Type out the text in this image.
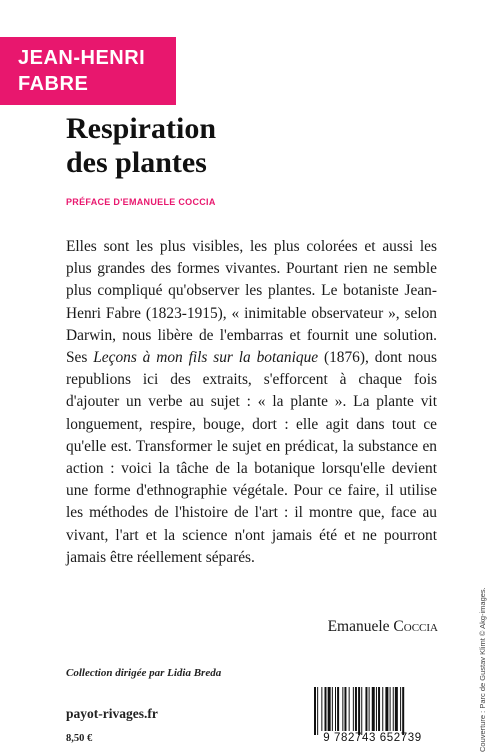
JEAN-HENRI
FABRE
Respiration
des plantes
PRÉFACE D'EMANUELE COCCIA

Elles sont les plus visibles, les plus colorées et aussi les plus grandes des formes vivantes. Pourtant rien ne semble plus compliqué qu'observer les plantes. Le botaniste Jean-Henri Fabre (1823-1915), « inimitable observateur », selon Darwin, nous libère de l'embarras et fournit une solution. Ses Leçons à mon fils sur la botanique (1876), dont nous republions ici des extraits, s'efforcent à chaque fois d'ajouter un verbe au sujet : « la plante ». La plante vit longuement, respire, bouge, dort : elle agit dans tout ce qu'elle est. Transformer le sujet en prédicat, la substance en action : voici la tâche de la botanique lorsqu'elle devient une forme d'ethnographie végétale. Pour ce faire, il utilise les méthodes de l'histoire de l'art : il montre que, face au vivant, l'art et la science n'ont jamais été et ne pourront jamais être réellement séparés.

Emanuele Coccia
Collection dirigée par Lidia Breda
payot-rivages.fr
8,50 €	9 782743 652739	Couverture : Parc de Gustav Klimt © Akg-images.
